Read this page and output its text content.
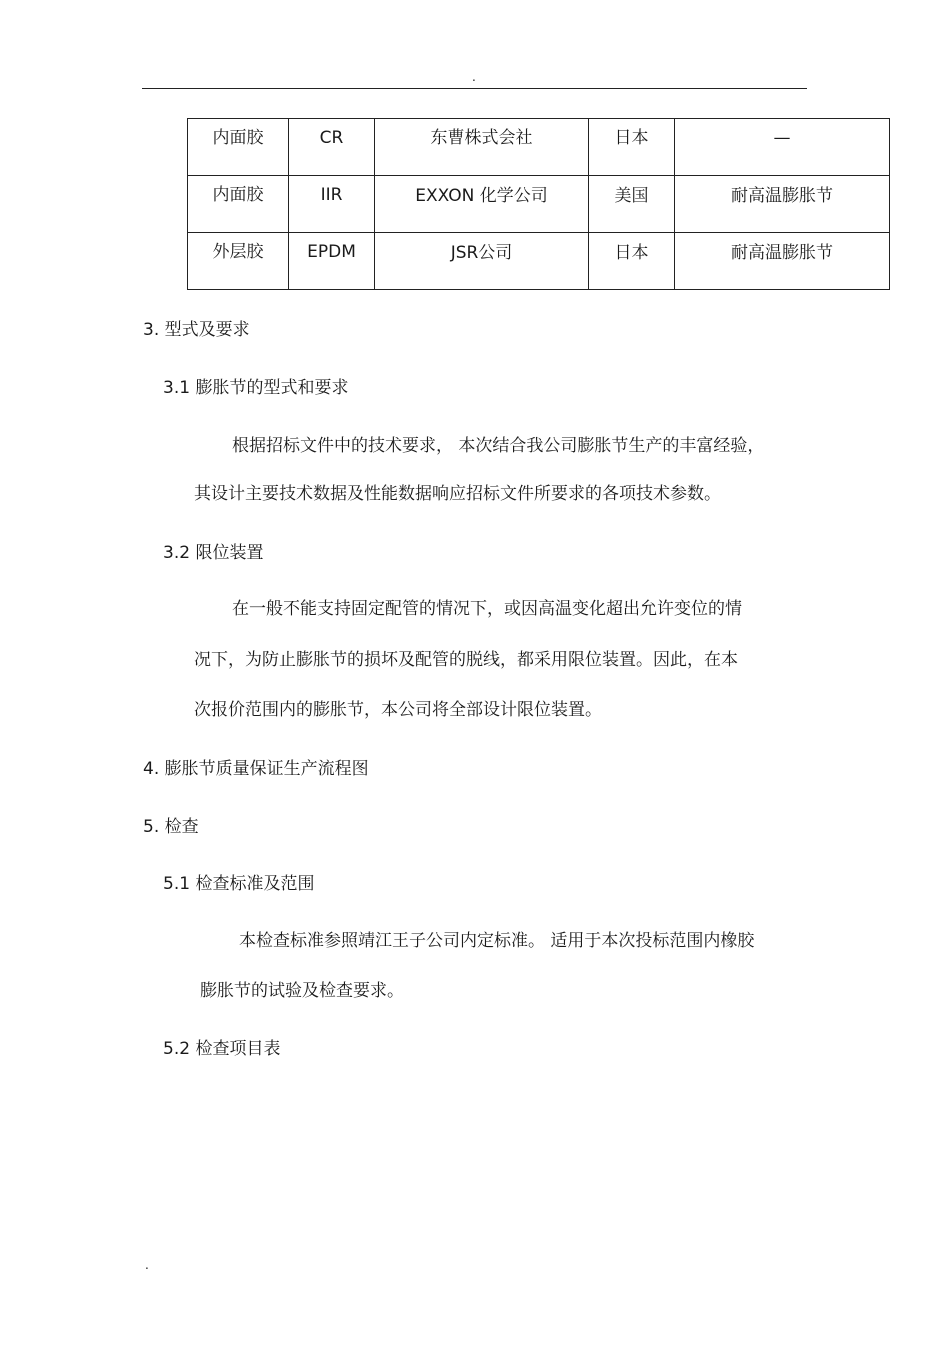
.
内面胶	CR	东曹株式会社	日本	—

内面胶	IIR	EXXON 化学公司	美国	耐高温膨胀节

外层胶	EPDM	JSR公司	日本	耐高温膨胀节
3. 型式及要求
3.1 膨胀节的型式和要求
根据招标文件中的技术要求， 本次结合我公司膨胀节生产的丰富经验，
其设计主要技术数据及性能数据响应招标文件所要求的各项技术参数。
3.2 限位装置
在一般不能支持固定配管的情况下，或因高温变化超出允许变位的情
况下，为防止膨胀节的损坏及配管的脱线，都采用限位装置。因此，在本
次报价范围内的膨胀节，本公司将全部设计限位装置。
4. 膨胀节质量保证生产流程图
5. 检查
5.1 检查标准及范围
本检查标准参照靖江王子公司内定标准。 适用于本次投标范围内橡胶
膨胀节的试验及检查要求。
5.2 检查项目表
.
